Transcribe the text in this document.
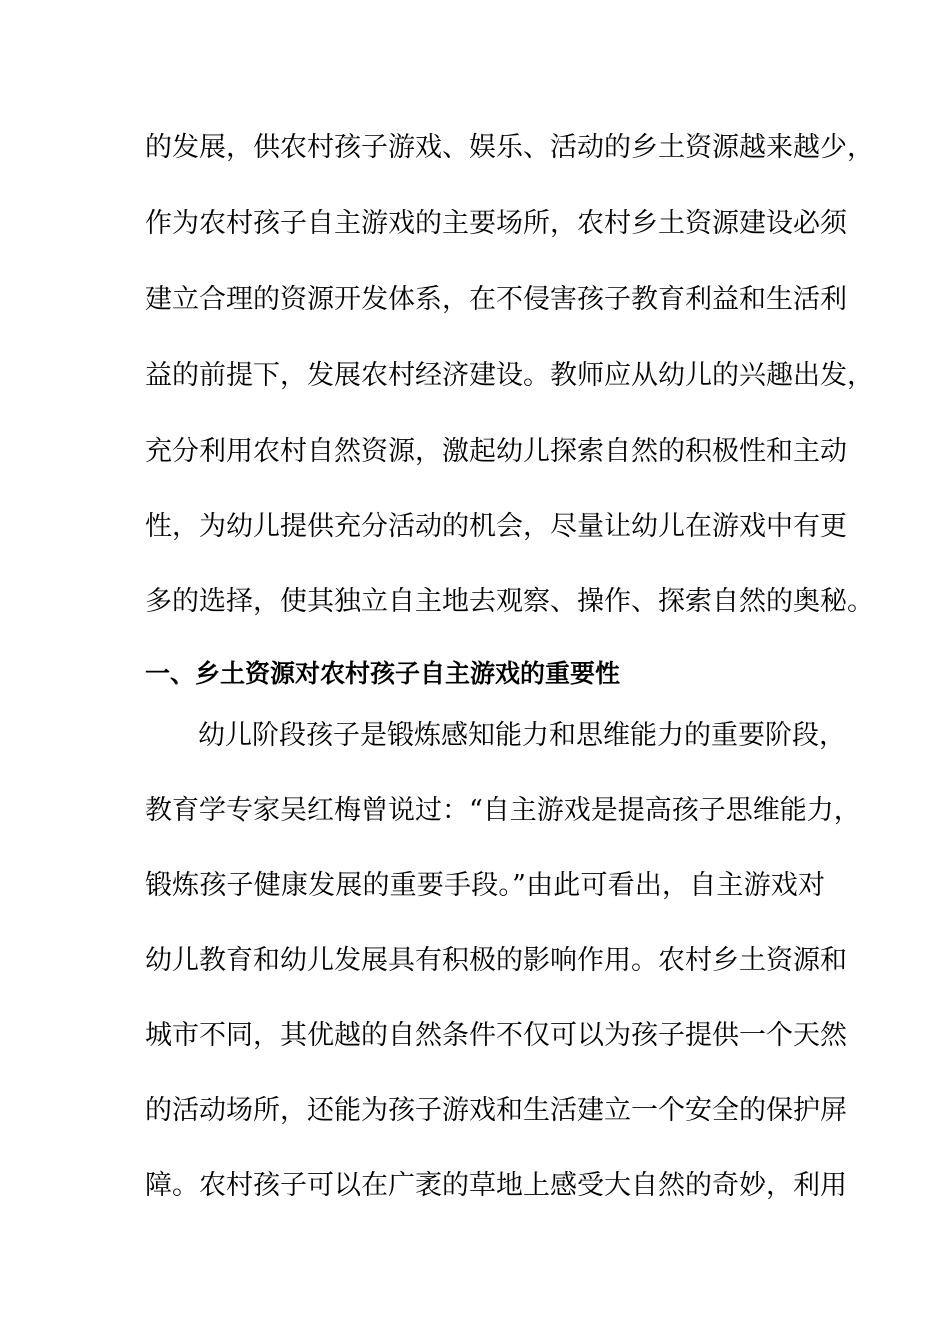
的发展，供农村孩子游戏、娱乐、活动的乡土资源越来越少，
作为农村孩子自主游戏的主要场所，农村乡土资源建设必须
建立合理的资源开发体系，在不侵害孩子教育利益和生活利
益的前提下，发展农村经济建设。教师应从幼儿的兴趣出发，
充分利用农村自然资源，激起幼儿探索自然的积极性和主动
性，为幼儿提供充分活动的机会，尽量让幼儿在游戏中有更
多的选择，使其独立自主地去观察、操作、探索自然的奥秘。
一、乡土资源对农村孩子自主游戏的重要性
幼儿阶段孩子是锻炼感知能力和思维能力的重要阶段，
教育学专家吴红梅曾说过：“自主游戏是提高孩子思维能力，
锻炼孩子健康发展的重要手段。”由此可看出，自主游戏对
幼儿教育和幼儿发展具有积极的影响作用。农村乡土资源和
城市不同，其优越的自然条件不仅可以为孩子提供一个天然
的活动场所，还能为孩子游戏和生活建立一个安全的保护屏
障。农村孩子可以在广袤的草地上感受大自然的奇妙，利用
